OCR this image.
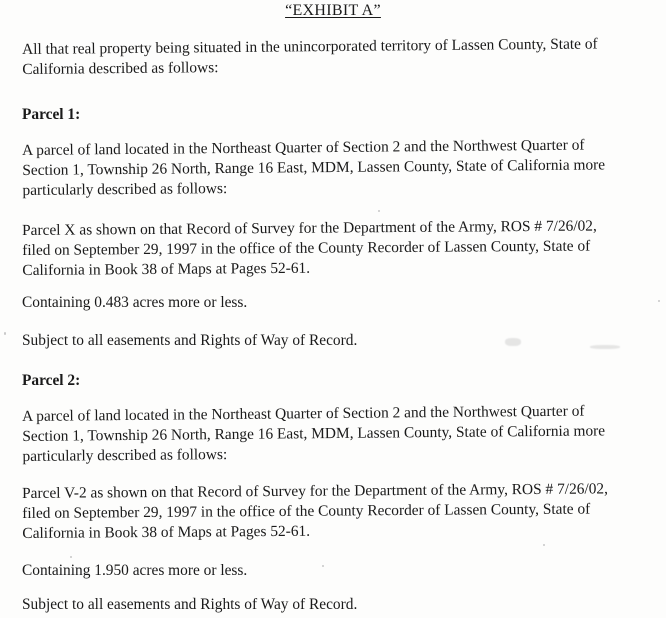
“EXHIBIT A”
All that real property being situated in the unincorporated territory of Lassen County, State of
California described as follows:
Parcel 1:
A parcel of land located in the Northeast Quarter of Section 2 and the Northwest Quarter of
Section 1, Township 26 North, Range 16 East, MDM, Lassen County, State of California more
particularly described as follows:
Parcel X as shown on that Record of Survey for the Department of the Army, ROS # 7/26/02,
filed on September 29, 1997 in the office of the County Recorder of Lassen County, State of
California in Book 38 of Maps at Pages 52-61.
Containing 0.483 acres more or less.
Subject to all easements and Rights of Way of Record.
Parcel 2:
A parcel of land located in the Northeast Quarter of Section 2 and the Northwest Quarter of
Section 1, Township 26 North, Range 16 East, MDM, Lassen County, State of California more
particularly described as follows:
Parcel V-2 as shown on that Record of Survey for the Department of the Army, ROS # 7/26/02,
filed on September 29, 1997 in the office of the County Recorder of Lassen County, State of
California in Book 38 of Maps at Pages 52-61.
Containing 1.950 acres more or less.
Subject to all easements and Rights of Way of Record.
